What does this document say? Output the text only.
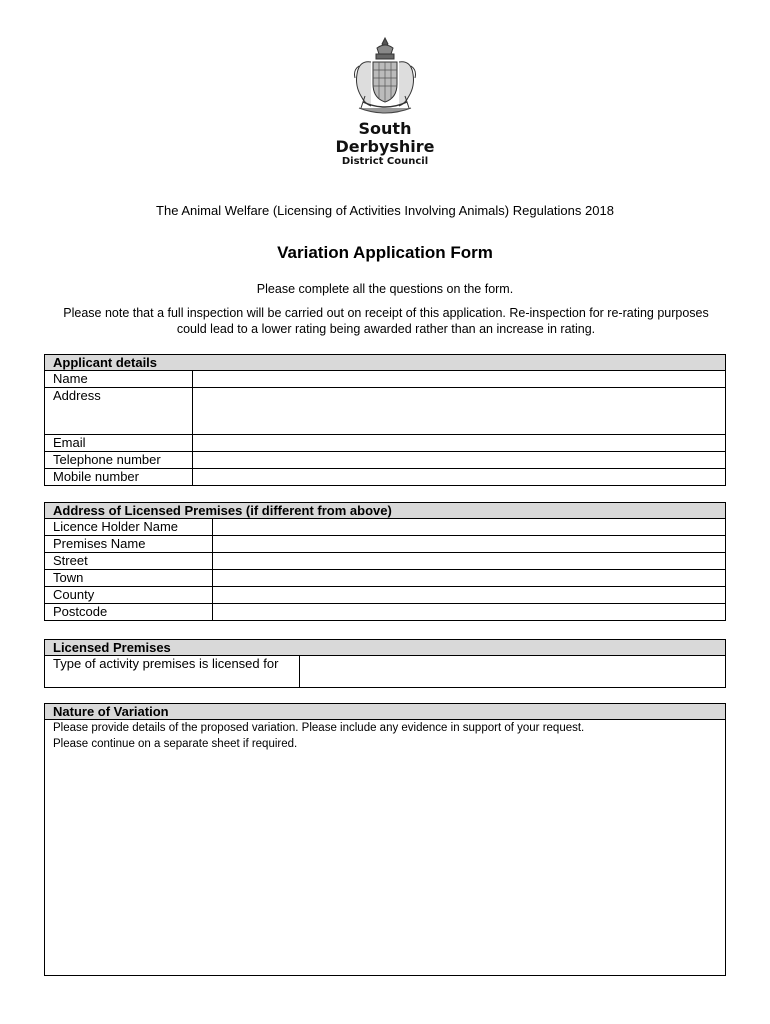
South
Derbyshire
District Council
The Animal Welfare (Licensing of Activities Involving Animals) Regulations 2018
Variation Application Form
Please complete all the questions on the form.
Please note that a full inspection will be carried out on receipt of this application. Re-inspection for re-rating purposes could lead to a lower rating being awarded rather than an increase in rating.
Applicant details	
Name	
Address	
Email	
Telephone number	
Mobile number	
Address of Licensed Premises (if different from above)	
Licence Holder Name	
Premises Name	
Street	
Town	
County	
Postcode	
Licensed Premises
Type of activity premises is licensed for	
Nature of Variation

Please provide details of the proposed variation. Please include any evidence in support of your request.
Please continue on a separate sheet if required.
